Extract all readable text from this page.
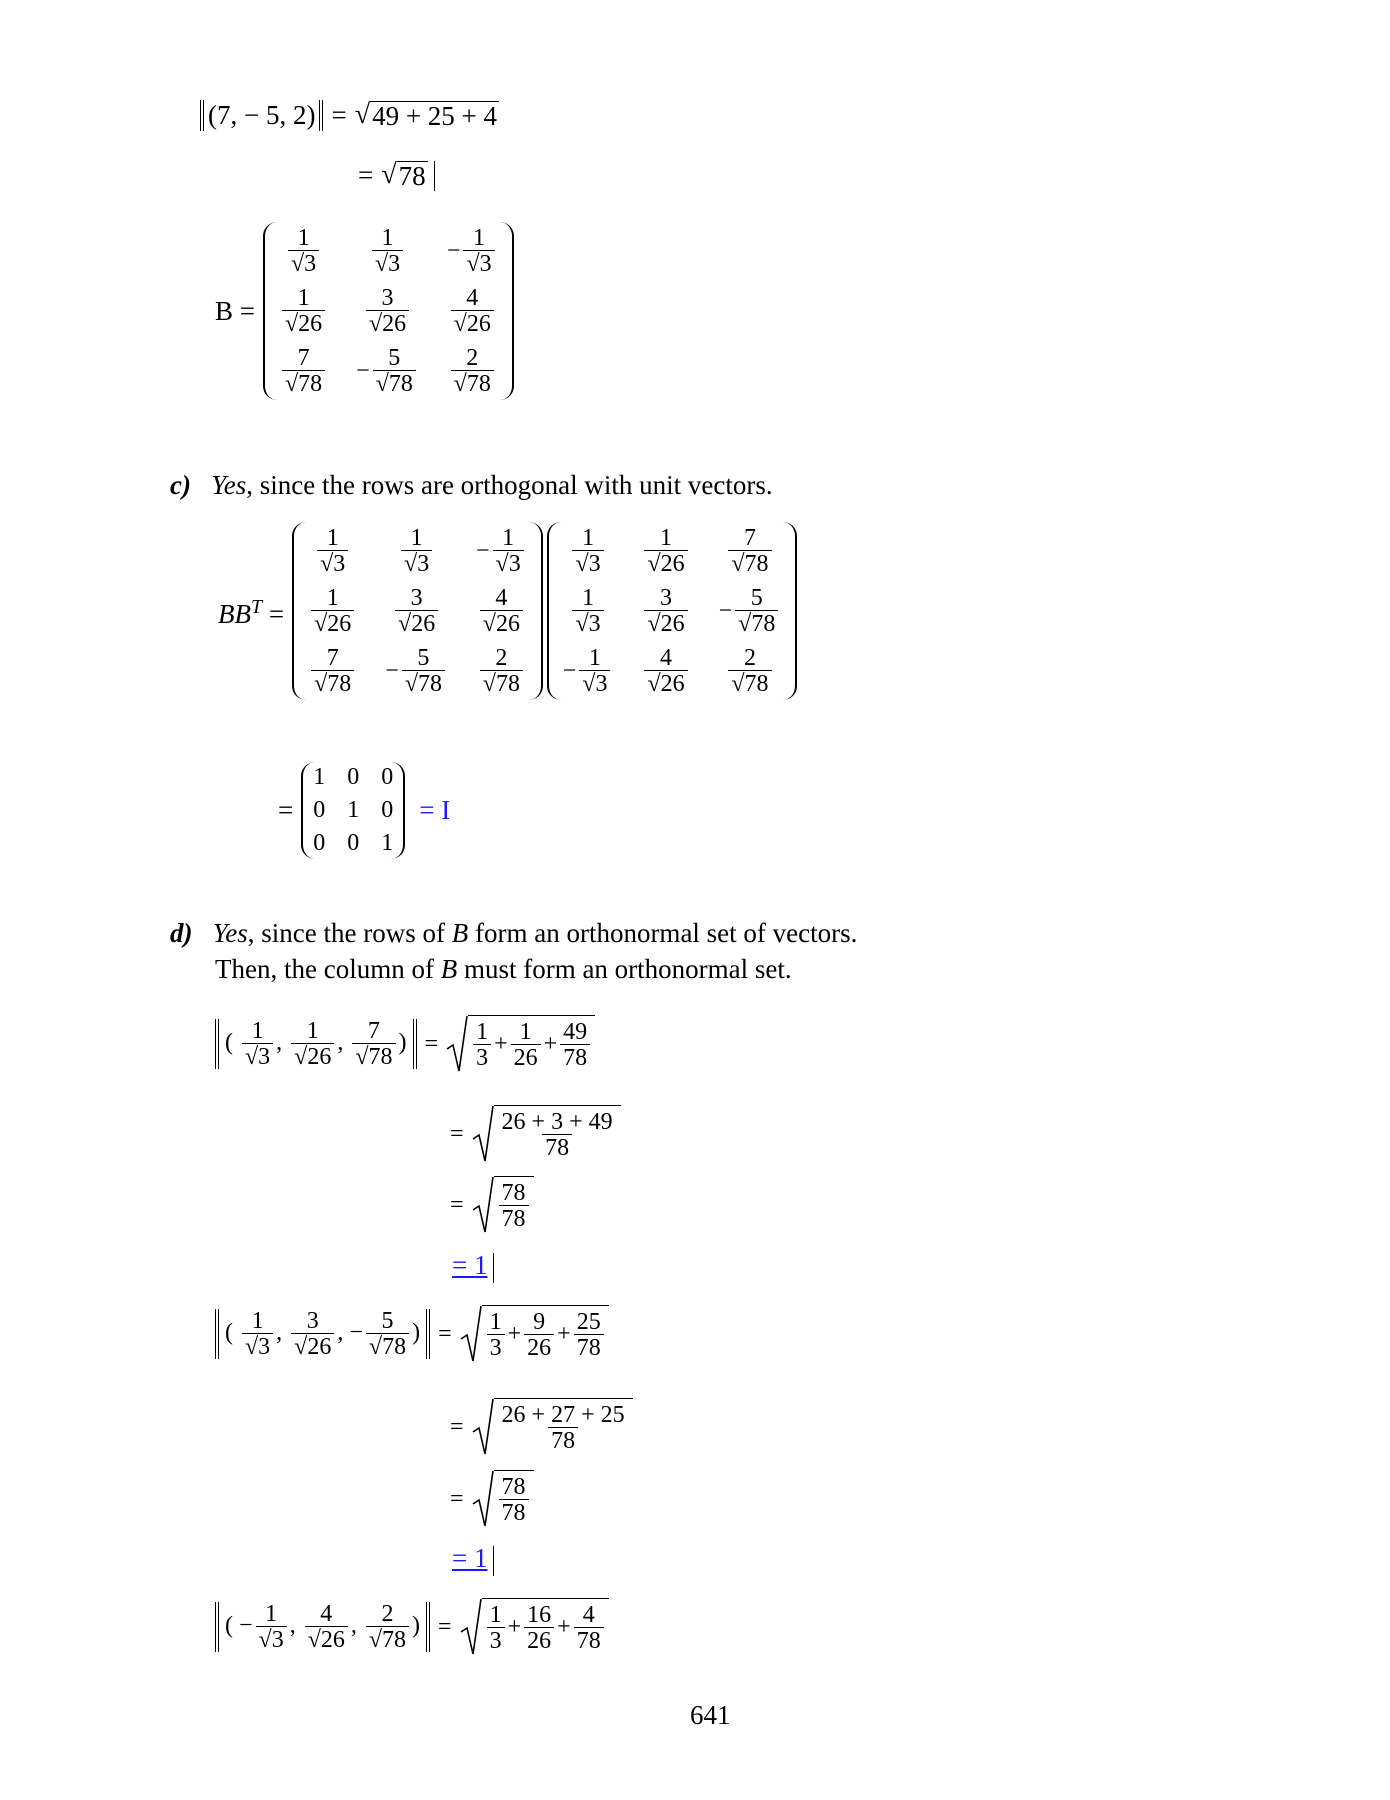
(7, − 5, 2) = √ 49 + 25 + 4
= √ 78
B =
$\frac{1}{√3} \frac{1}{√3} - \frac{1}{√3}$
$\frac{1}{√26} \frac{3}{√26} \frac{4}{√26}$
$\frac{7}{√78} - \frac{5}{√78} \frac{2}{√78}$
c) Yes, since the rows are orthogonal with unit vectors.
$BB^T$ =
$\frac{1}{√3} \frac{1}{√3} - \frac{1}{√3}$
$\frac{1}{√26} \frac{3}{√26} \frac{4}{√26}$
$\frac{7}{√78} - \frac{5}{√78} \frac{2}{√78}$
$\frac{1}{√3} \frac{1}{√26} \frac{7}{√78}$
$\frac{1}{√3} \frac{3}{√26} - \frac{5}{√78}$
− $\frac{1}{√3} \frac{4}{√26} \frac{2}{√78}$
=
1 0 0
0 1 0
0 0 1
= I
d) Yes, since the rows of B form an orthonormal set of vectors.
Then, the column of B must form an orthonormal set.
( $\frac{1}{√3}$ , $\frac{1}{√26}$ , $\frac{7}{√78}$ ) = $\frac{1}{3} + \frac{1}{26} + \frac{49}{78}$
= $\frac{26 + 3 + 49}{78}$
= $\frac{78}{78}$
= 1
( $\frac{1}{√3}$ , $\frac{3}{√26}$ , − $\frac{5}{√78}$ ) = $\frac{1}{3} + \frac{9}{26} + \frac{25}{78}$
= $\frac{26 + 27 + 25}{78}$
= $\frac{78}{78}$
= 1
( − $\frac{1}{√3}$ , $\frac{4}{√26}$ , $\frac{2}{√78}$ ) = $\frac{1}{3} + \frac{16}{26} + \frac{4}{78}$
641
